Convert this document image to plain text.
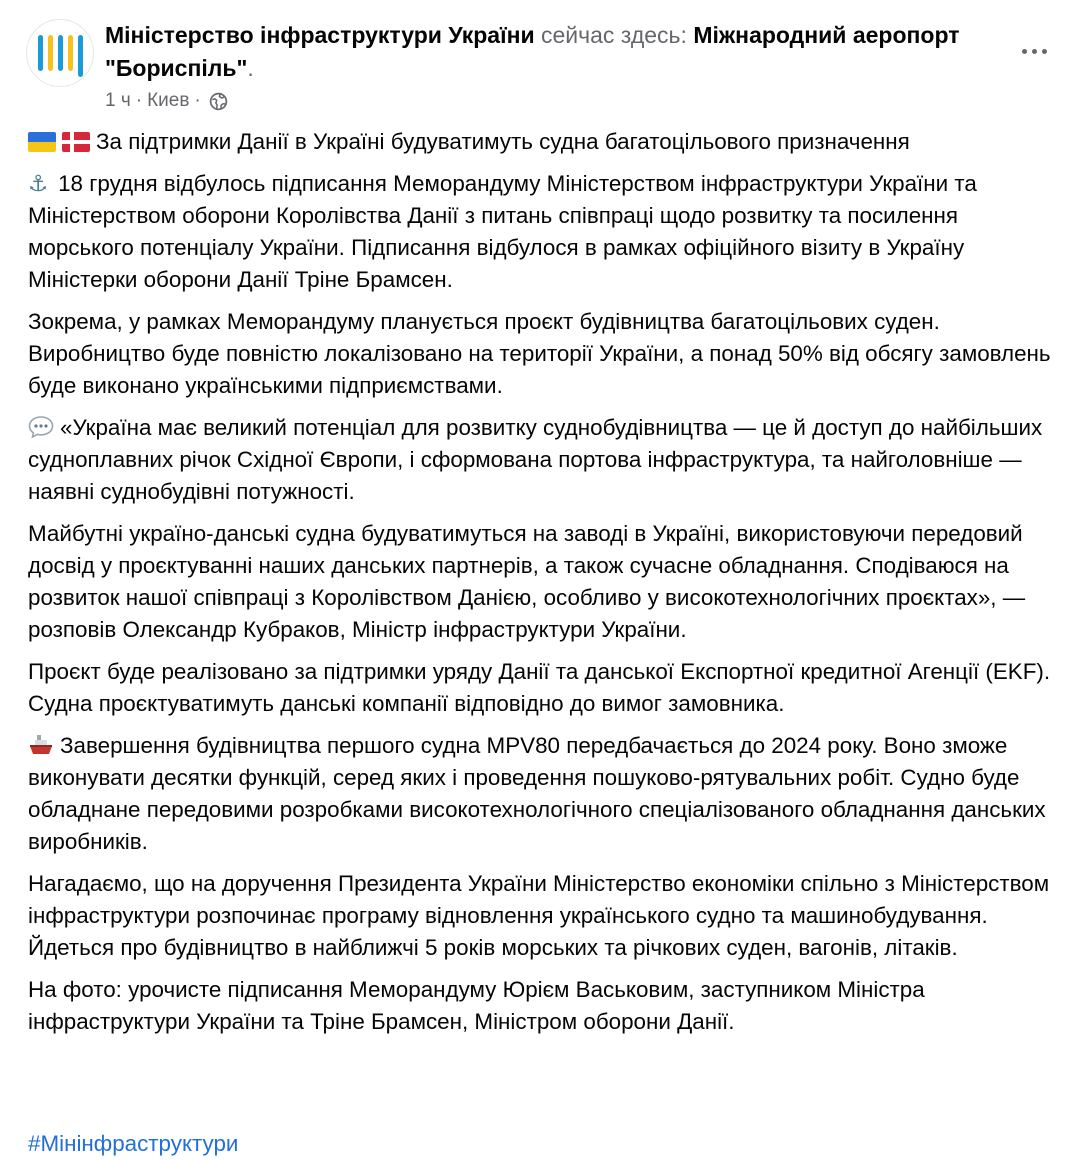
Міністерство інфраструктури України сейчас здесь: Міжнародний аеропорт "Бориспіль".
1 ч · Киев ·

За підтримки Данії в Україні будуватимуть судна багатоцільового призначення

⚓ 18 грудня відбулось підписання Меморандуму Міністерством інфраструктури України та Міністерством оборони Королівства Данії з питань співпраці щодо розвитку та посилення морського потенціалу України. Підписання відбулося в рамках офіційного візиту в Україну Міністерки оборони Данії Тріне Брамсен.

Зокрема, у рамках Меморандуму планується проєкт будівництва багатоцільових суден. Виробництво буде повністю локалізовано на території України, а понад 50% від обсягу замовлень буде виконано українськими підприємствами.

«Україна має великий потенціал для розвитку суднобудівництва — це й доступ до найбільших судноплавних річок Східної Європи, і сформована портова інфраструктура, та найголовніше — наявні суднобудівні потужності.

Майбутні україно-данські судна будуватимуться на заводі в Україні, використовуючи передовий досвід у проєктуванні наших данських партнерів, а також сучасне обладнання. Сподіваюся на розвиток нашої співпраці з Королівством Данією, особливо у високотехнологічних проєктах», — розповів Олександр Кубраков, Міністр інфраструктури України.

Проєкт буде реалізовано за підтримки уряду Данії та данської Експортної кредитної Агенції (EKF). Судна проєктуватимуть данські компанії відповідно до вимог замовника.

Завершення будівництва першого судна MPV80 передбачається до 2024 року. Воно зможе виконувати десятки функцій, серед яких і проведення пошуково-рятувальних робіт. Судно буде обладнане передовими розробками високотехнологічного спеціалізованого обладнання данських виробників.

Нагадаємо, що на доручення Президента України Міністерство економіки спільно з Міністерством інфраструктури розпочинає програму відновлення українського судно та машинобудування. Йдеться про будівництво в найближчі 5 років морських та річкових суден, вагонів, літаків.

На фото: урочисте підписання Меморандуму Юрієм Васьковим, заступником Міністра інфраструктури України та Тріне Брамсен, Міністром оборони Данії.

#Мінінфраструктури
